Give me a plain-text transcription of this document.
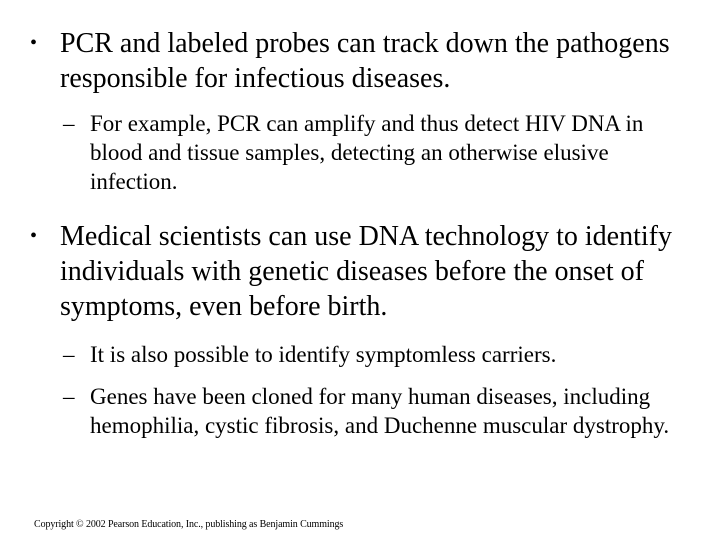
• PCR and labeled probes can track down the pathogens responsible for infectious diseases.
– For example, PCR can amplify and thus detect HIV DNA in blood and tissue samples, detecting an otherwise elusive infection.
• Medical scientists can use DNA technology to identify individuals with genetic diseases before the onset of symptoms, even before birth.
– It is also possible to identify symptomless carriers.
– Genes have been cloned for many human diseases, including hemophilia, cystic fibrosis, and Duchenne muscular dystrophy.
Copyright © 2002 Pearson Education, Inc., publishing as Benjamin Cummings
